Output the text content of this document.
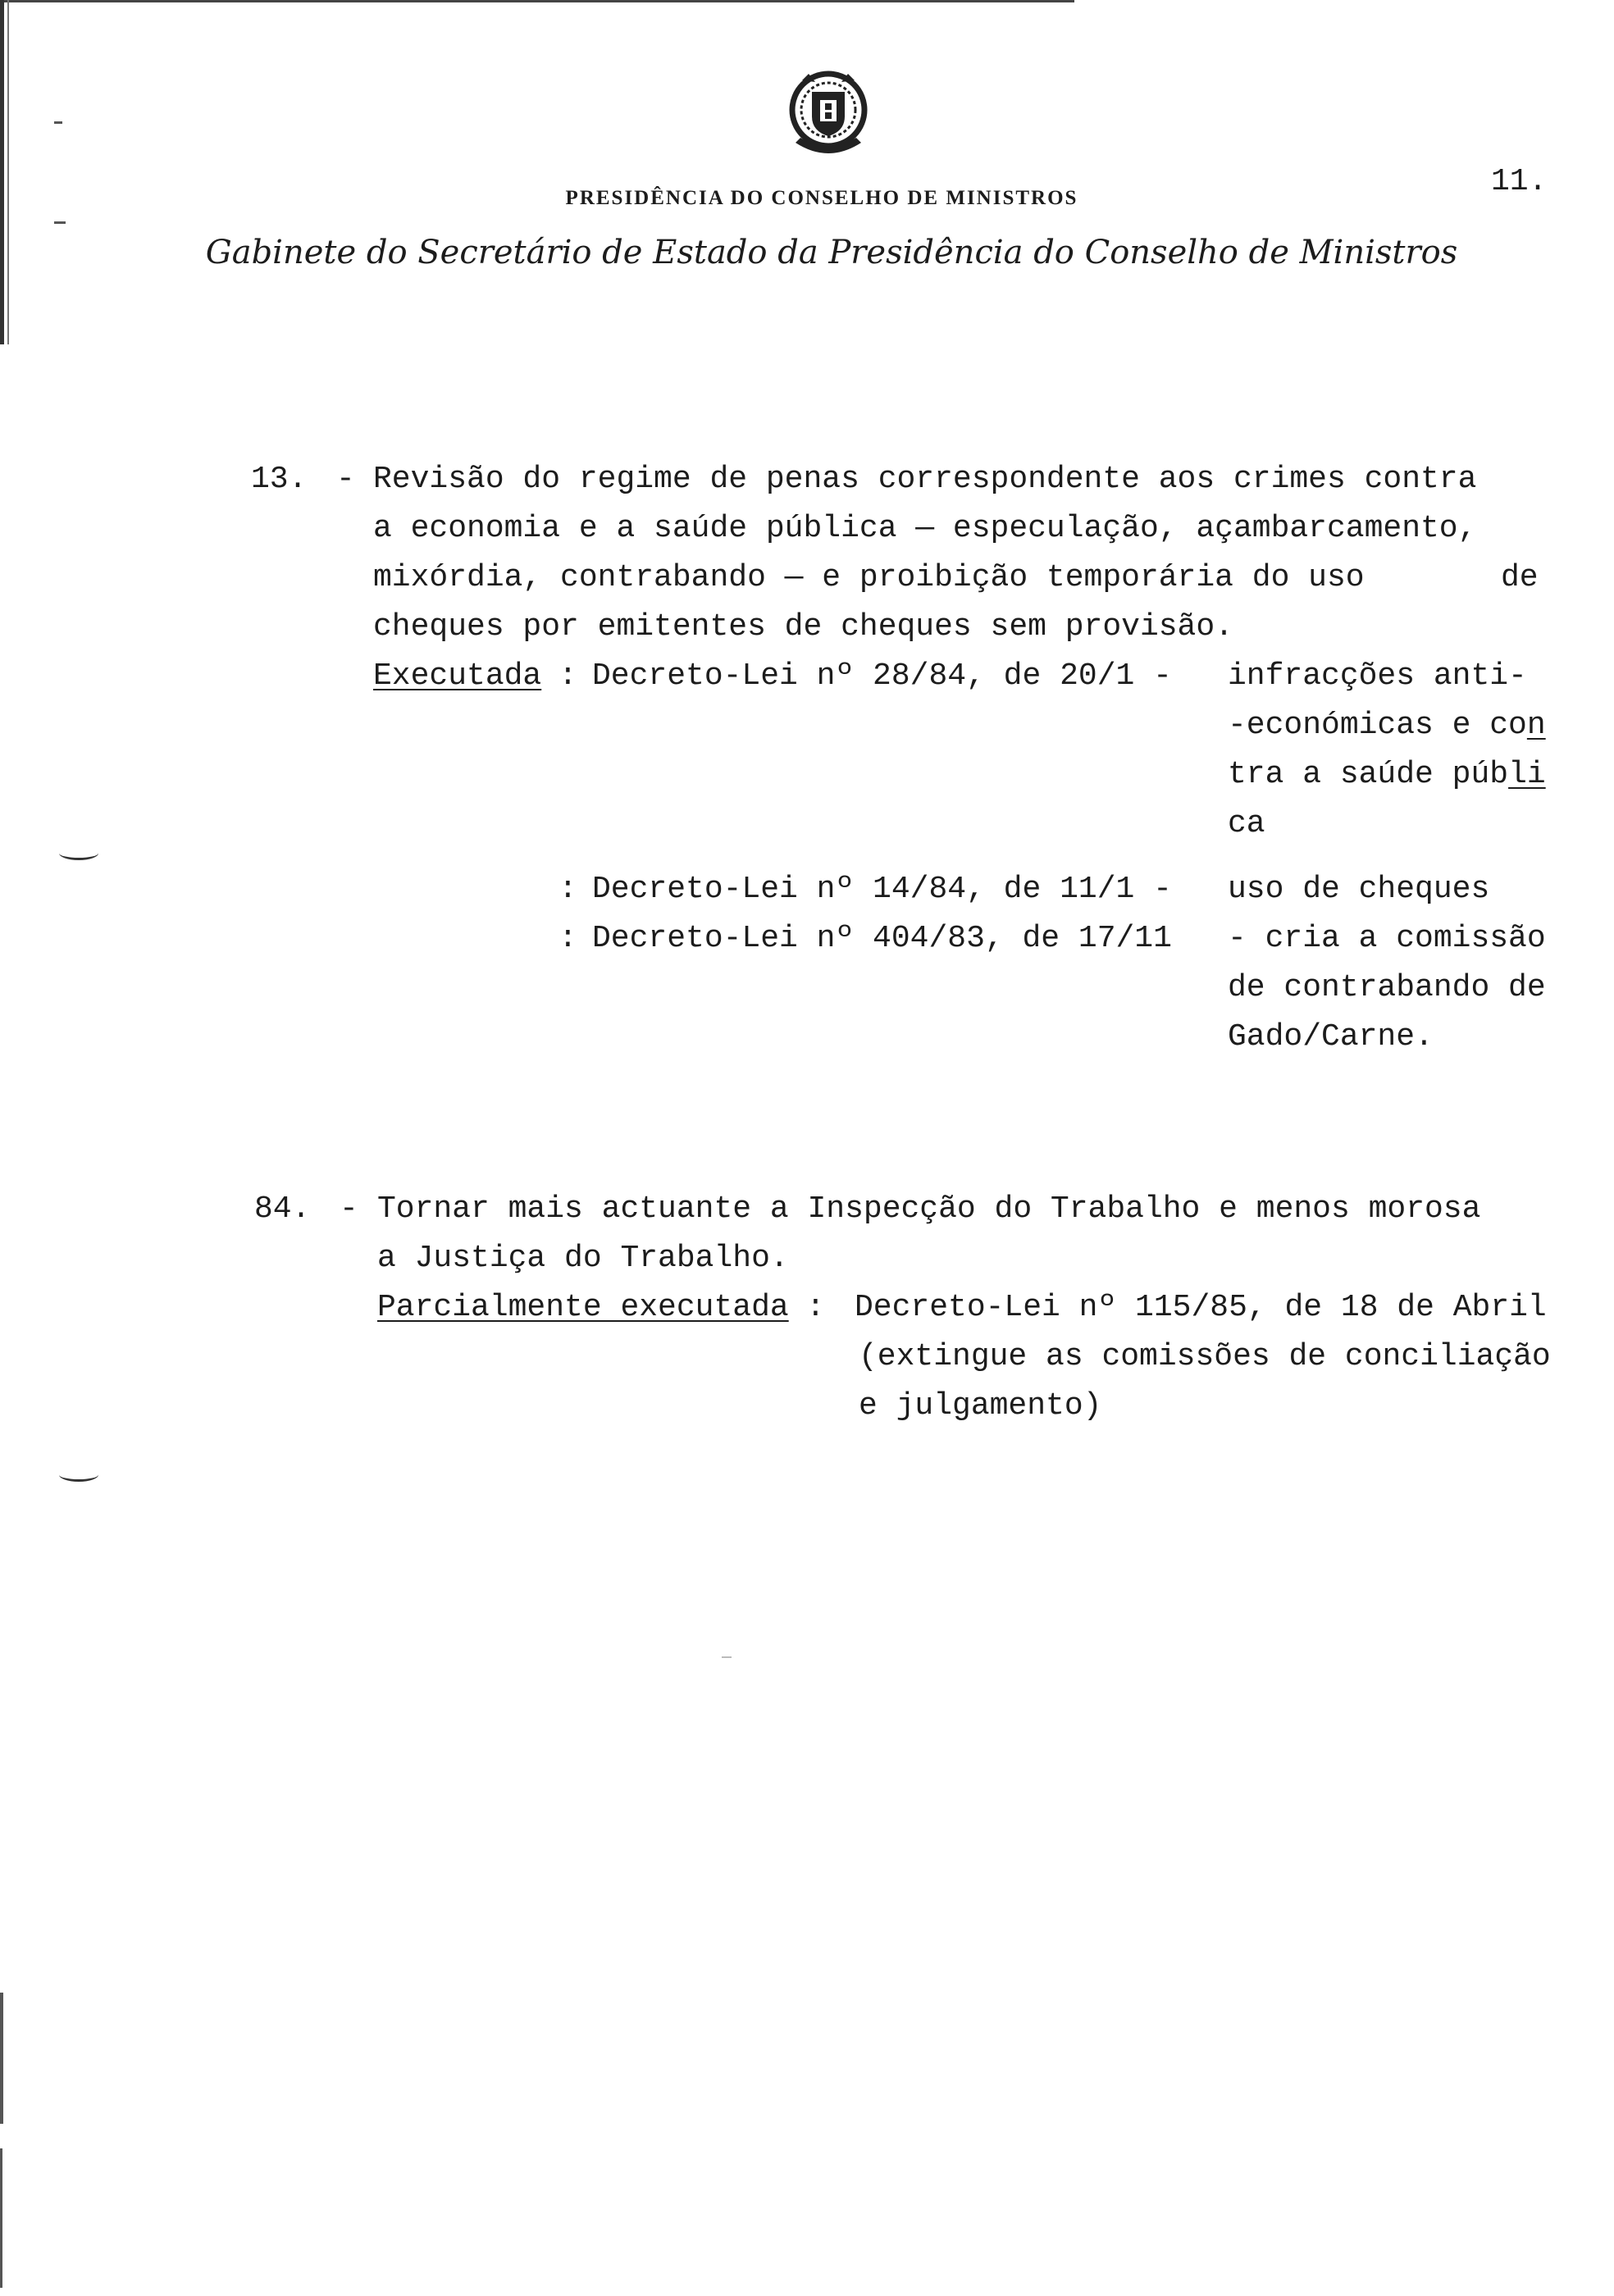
PRESIDÊNCIA DO CONSELHO DE MINISTROS
Gabinete do Secretário de Estado da Presidência do Conselho de Ministros
11.
13. - Revisão do regime de penas correspondente aos crimes contra
a economia e a saúde pública — especulação, açambarcamento,
mixórdia, contrabando — e proibição temporária do uso	de
cheques por emitentes de cheques sem provisão.
Executada : Decreto-Lei nº 28/84, de 20/1 - infracções anti-
-económicas e con
tra a saúde públi
ca
: Decreto-Lei nº 14/84, de 11/1 - uso de cheques
: Decreto-Lei nº 404/83, de 17/11 - cria a comissão
de contrabando de
Gado/Carne.
84. - Tornar mais actuante a Inspecção do Trabalho e menos morosa
a Justiça do Trabalho.
Parcialmente executada : Decreto-Lei nº 115/85, de 18 de Abril
(extingue as comissões de conciliação
e julgamento)
